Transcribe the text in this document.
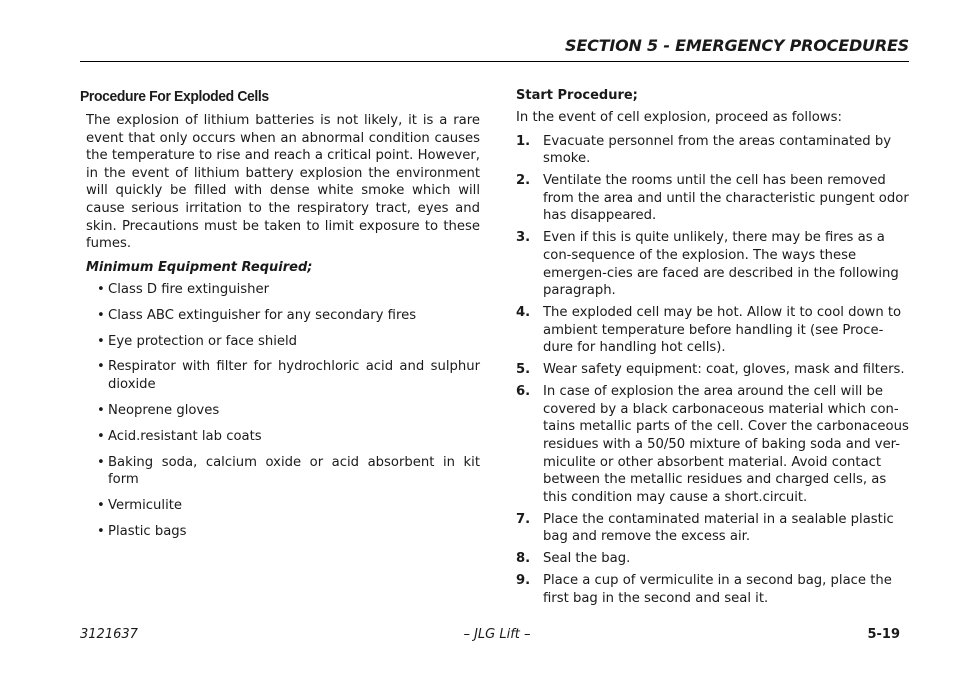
SECTION 5 - EMERGENCY PROCEDURES
Procedure For Exploded Cells

The explosion of lithium batteries is not likely, it is a rare event that only occurs when an abnormal condition causes the temperature to rise and reach a critical point. However, in the event of lithium battery explosion the environment will quickly be filled with dense white smoke which will cause serious irritation to the respiratory tract, eyes and skin. Precautions must be taken to limit exposure to these fumes.

Minimum Equipment Required;
• Class D fire extinguisher
• Class ABC extinguisher for any secondary fires
• Eye protection or face shield
• Respirator with filter for hydrochloric acid and sulphur dioxide
• Neoprene gloves
• Acid.resistant lab coats
• Baking soda, calcium oxide or acid absorbent in kit form
• Vermiculite
• Plastic bags
Start Procedure;

In the event of cell explosion, proceed as follows:

1. Evacuate personnel from the areas contaminated by smoke.
2. Ventilate the rooms until the cell has been removed from the area and until the characteristic pungent odor has disappeared.
3. Even if this is quite unlikely, there may be fires as a con-sequence of the explosion. The ways these emergen-cies are faced are described in the following paragraph.
4. The exploded cell may be hot. Allow it to cool down to ambient temperature before handling it (see Proce-dure for handling hot cells).
5. Wear safety equipment: coat, gloves, mask and filters.
6. In case of explosion the area around the cell will be covered by a black carbonaceous material which con-tains metallic parts of the cell. Cover the carbonaceous residues with a 50/50 mixture of baking soda and ver-miculite or other absorbent material. Avoid contact between the metallic residues and charged cells, as this condition may cause a short.circuit.
7. Place the contaminated material in a sealable plastic bag and remove the excess air.
8. Seal the bag.
9. Place a cup of vermiculite in a second bag, place the first bag in the second and seal it.
3121637	– JLG Lift –	5-19
